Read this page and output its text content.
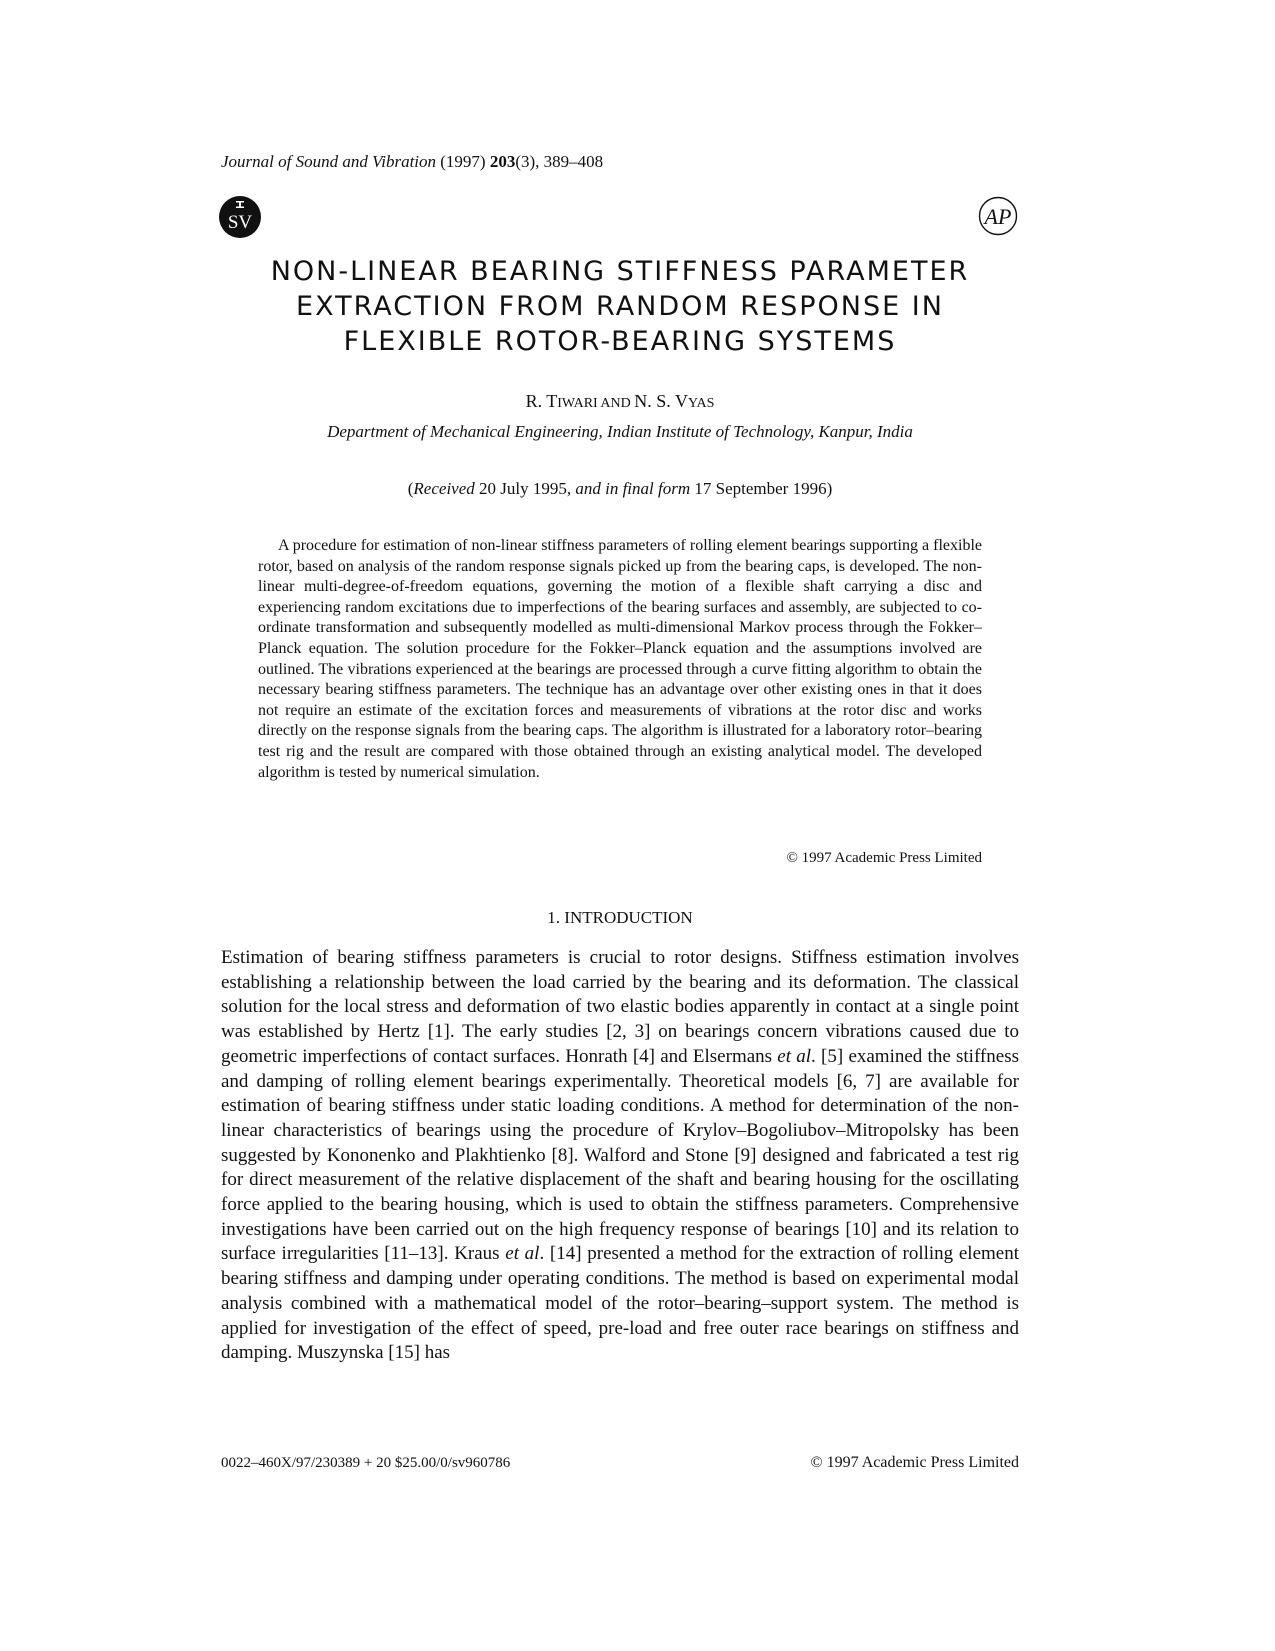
Journal of Sound and Vibration (1997) 203(3), 389–408
SV	AP
NON-LINEAR BEARING STIFFNESS PARAMETER
EXTRACTION FROM RANDOM RESPONSE IN
FLEXIBLE ROTOR-BEARING SYSTEMS
R. TIWARI AND N. S. VYAS
Department of Mechanical Engineering, Indian Institute of Technology, Kanpur, India
(Received 20 July 1995, and in final form 17 September 1996)
A procedure for estimation of non-linear stiffness parameters of rolling element bearings supporting a flexible rotor, based on analysis of the random response signals picked up from the bearing caps, is developed. The non-linear multi-degree-of-freedom equations, governing the motion of a flexible shaft carrying a disc and experiencing random excitations due to imperfections of the bearing surfaces and assembly, are subjected to co-ordinate transformation and subsequently modelled as multi-dimensional Markov process through the Fokker–Planck equation. The solution procedure for the Fokker–Planck equation and the assumptions involved are outlined. The vibrations experienced at the bearings are processed through a curve fitting algorithm to obtain the necessary bearing stiffness parameters. The technique has an advantage over other existing ones in that it does not require an estimate of the excitation forces and measurements of vibrations at the rotor disc and works directly on the response signals from the bearing caps. The algorithm is illustrated for a laboratory rotor–bearing test rig and the result are compared with those obtained through an existing analytical model. The developed algorithm is tested by numerical simulation.
© 1997 Academic Press Limited
1. INTRODUCTION
Estimation of bearing stiffness parameters is crucial to rotor designs. Stiffness estimation involves establishing a relationship between the load carried by the bearing and its deformation. The classical solution for the local stress and deformation of two elastic bodies apparently in contact at a single point was established by Hertz [1]. The early studies [2, 3] on bearings concern vibrations caused due to geometric imperfections of contact surfaces. Honrath [4] and Elsermans et al. [5] examined the stiffness and damping of rolling element bearings experimentally. Theoretical models [6, 7] are available for estimation of bearing stiffness under static loading conditions. A method for determination of the non-linear characteristics of bearings using the procedure of Krylov–Bogoliubov–Mitropolsky has been suggested by Kononenko and Plakhtienko [8]. Walford and Stone [9] designed and fabricated a test rig for direct measurement of the relative displacement of the shaft and bearing housing for the oscillating force applied to the bearing housing, which is used to obtain the stiffness parameters. Comprehensive investigations have been carried out on the high frequency response of bearings [10] and its relation to surface irregularities [11–13]. Kraus et al. [14] presented a method for the extraction of rolling element bearing stiffness and damping under operating conditions. The method is based on experimental modal analysis combined with a mathematical model of the rotor–bearing–support system. The method is applied for investigation of the effect of speed, pre-load and free outer race bearings on stiffness and damping. Muszynska [15] has
0022–460X/97/230389 + 20 $25.00/0/sv960786	© 1997 Academic Press Limited
